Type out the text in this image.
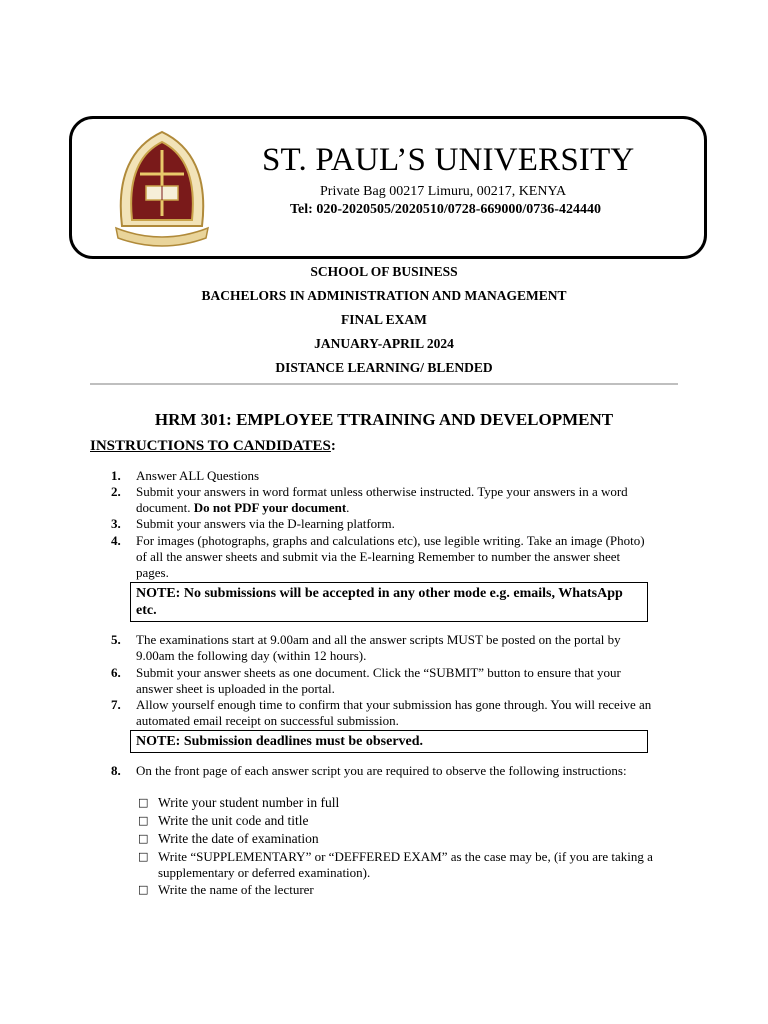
ST. PAUL’S UNIVERSITY
Private Bag 00217 Limuru, 00217, KENYA
Tel: 020-2020505/2020510/0728-669000/0736-424440
SCHOOL OF BUSINESS
BACHELORS IN ADMINISTRATION AND MANAGEMENT
FINAL EXAM
JANUARY-APRIL 2024
DISTANCE LEARNING/ BLENDED
HRM 301: EMPLOYEE TTRAINING AND DEVELOPMENT
INSTRUCTIONS TO CANDIDATES:
1. Answer ALL Questions
2. Submit your answers in word format unless otherwise instructed. Type your answers in a word document. Do not PDF your document.
3. Submit your answers via the D-learning platform.
4. For images (photographs, graphs and calculations etc), use legible writing. Take an image (Photo) of all the answer sheets and submit via the E-learning Remember to number the answer sheet pages.
NOTE: No submissions will be accepted in any other mode e.g. emails, WhatsApp etc.
5. The examinations start at 9.00am and all the answer scripts MUST be posted on the portal by 9.00am the following day (within 12 hours).
6. Submit your answer sheets as one document. Click the “SUBMIT” button to ensure that your answer sheet is uploaded in the portal.
7. Allow yourself enough time to confirm that your submission has gone through. You will receive an automated email receipt on successful submission.
NOTE: Submission deadlines must be observed.
8. On the front page of each answer script you are required to observe the following instructions:
□ Write your student number in full
□ Write the unit code and title
□ Write the date of examination
□ Write “SUPPLEMENTARY” or “DEFFERED EXAM” as the case may be, (if you are taking a supplementary or deferred examination).
□ Write the name of the lecturer
